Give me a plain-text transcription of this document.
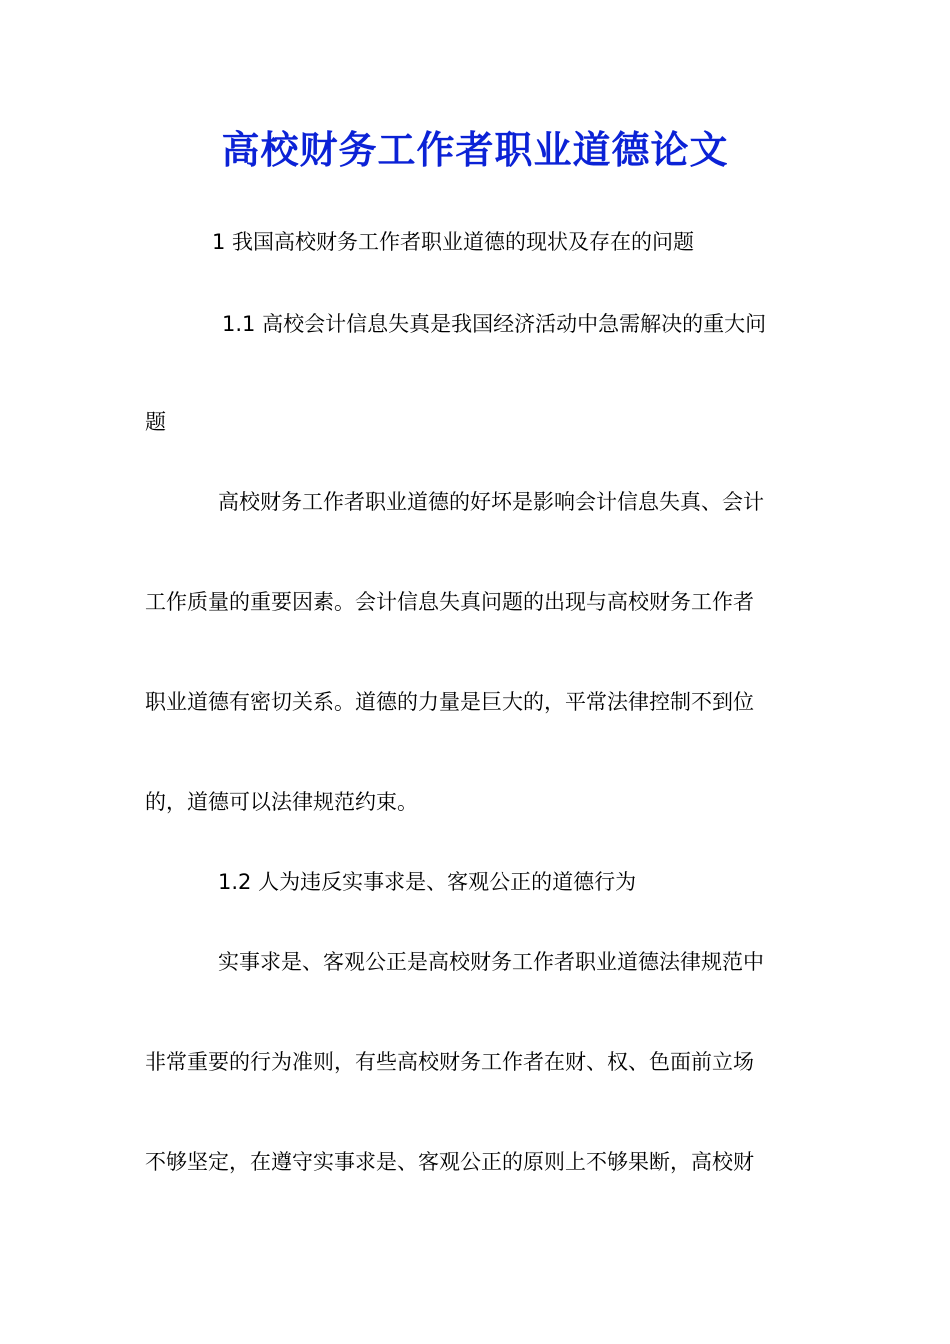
高校财务工作者职业道德论文

1 我国高校财务工作者职业道德的现状及存在的问题

1.1 高校会计信息失真是我国经济活动中急需解决的重大问

题

高校财务工作者职业道德的好坏是影响会计信息失真、会计

工作质量的重要因素。会计信息失真问题的出现与高校财务工作者

职业道德有密切关系。道德的力量是巨大的，平常法律控制不到位

的，道德可以法律规范约束。

1.2 人为违反实事求是、客观公正的道德行为

实事求是、客观公正是高校财务工作者职业道德法律规范中

非常重要的行为准则，有些高校财务工作者在财、权、色面前立场

不够坚定，在遵守实事求是、客观公正的原则上不够果断，高校财
